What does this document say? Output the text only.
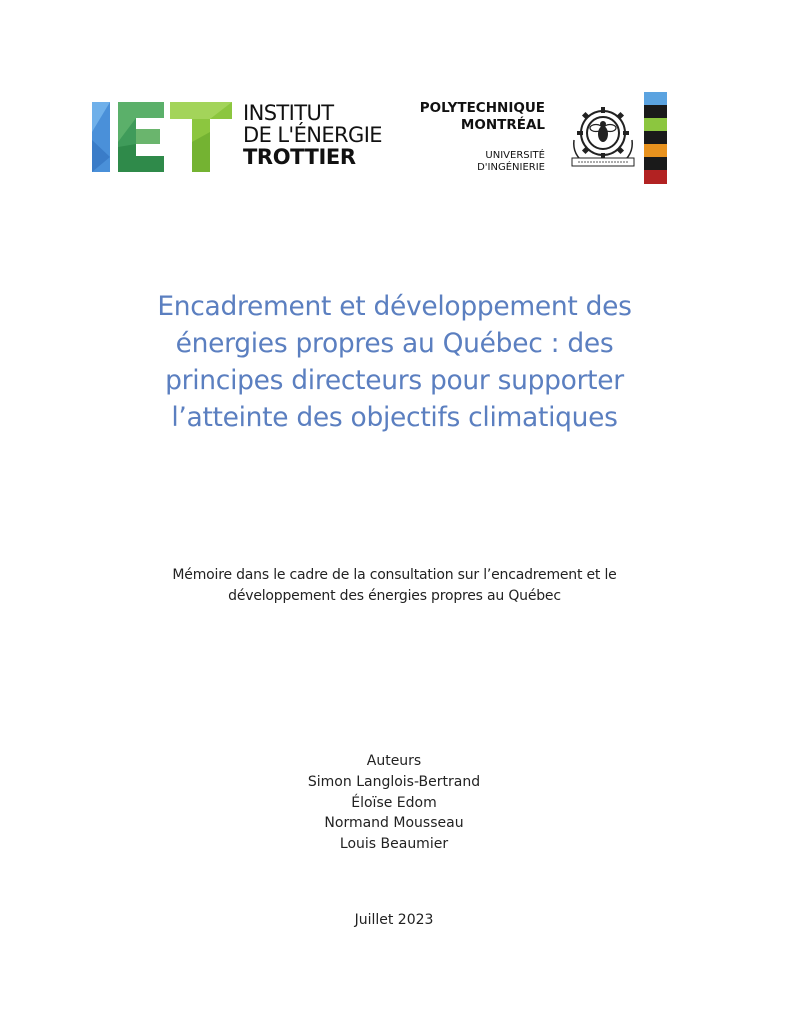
INSTITUT
DE L'ÉNERGIE
TROTTIER
POLYTECHNIQUE
MONTRÉAL
UNIVERSITÉ
D'INGÉNIERIE
Encadrement et développement des
énergies propres au Québec : des
principes directeurs pour supporter
l’atteinte des objectifs climatiques
Mémoire dans le cadre de la consultation sur l’encadrement et le
développement des énergies propres au Québec
Auteurs
Simon Langlois-Bertrand
Éloïse Edom
Normand Mousseau
Louis Beaumier
Juillet 2023
